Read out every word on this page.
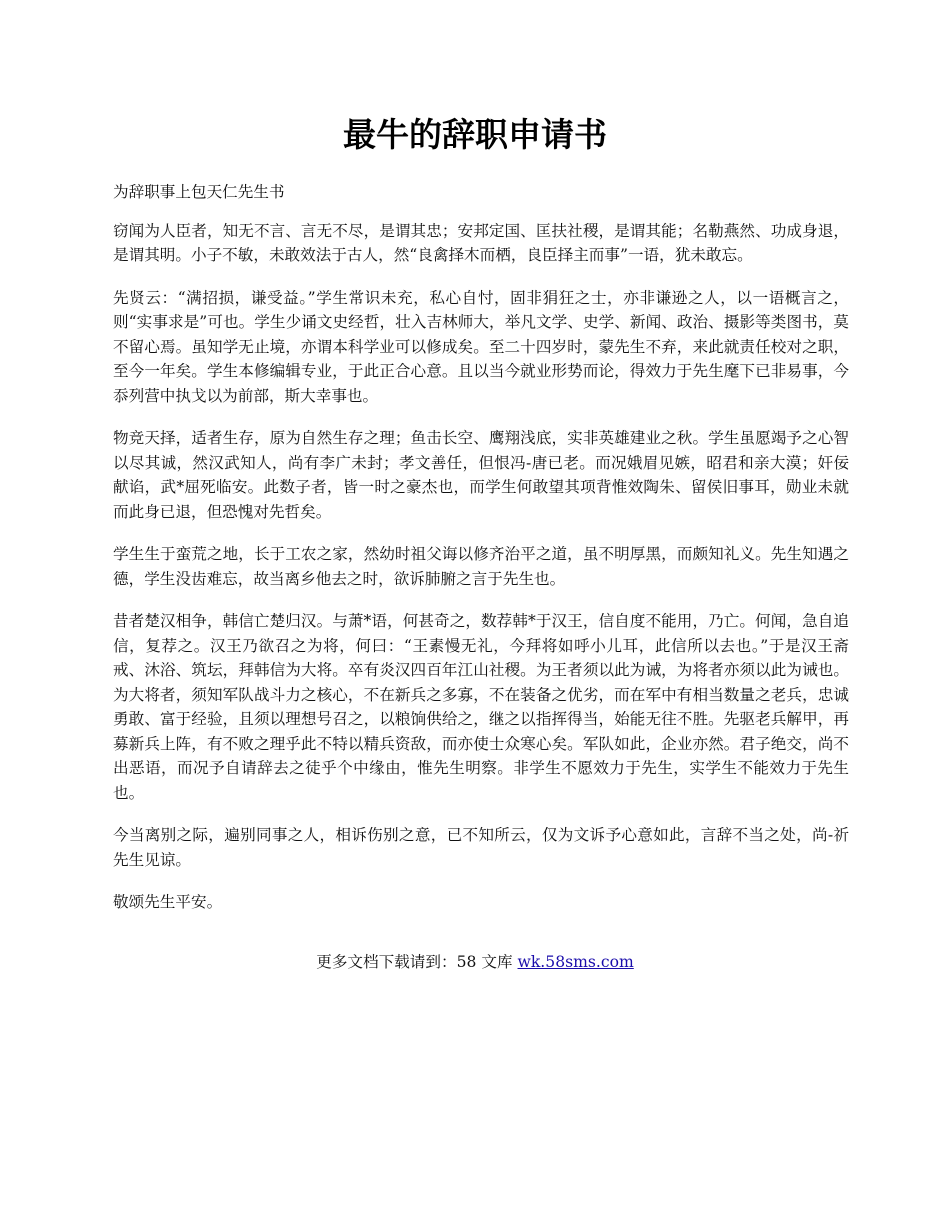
最牛的辞职申请书

为辞职事上包天仁先生书

窃闻为人臣者，知无不言、言无不尽，是谓其忠；安邦定国、匡扶社稷，是谓其能；名勒燕然、功成身退，是谓其明。小子不敏，未敢效法于古人，然“良禽择木而栖，良臣择主而事”一语，犹未敢忘。

先贤云：“满招损，谦受益。”学生常识未充，私心自忖，固非狷狂之士，亦非谦逊之人，以一语概言之，则“实事求是”可也。学生少诵文史经哲，壮入吉林师大，举凡文学、史学、新闻、政治、摄影等类图书，莫不留心焉。虽知学无止境，亦谓本科学业可以修成矣。至二十四岁时，蒙先生不弃，来此就责任校对之职，至今一年矣。学生本修编辑专业，于此正合心意。且以当今就业形势而论，得效力于先生麾下已非易事，今忝列营中执戈以为前部，斯大幸事也。

物竞天择，适者生存，原为自然生存之理；鱼击长空、鹰翔浅底，实非英雄建业之秋。学生虽愿竭予之心智以尽其诚，然汉武知人，尚有李广未封；孝文善任，但恨冯-唐已老。而况娥眉见嫉，昭君和亲大漠；奸佞献谄，武*屈死临安。此数子者，皆一时之豪杰也，而学生何敢望其项背惟效陶朱、留侯旧事耳，勋业未就而此身已退，但恐愧对先哲矣。

学生生于蛮荒之地，长于工农之家，然幼时祖父诲以修齐治平之道，虽不明厚黑，而颇知礼义。先生知遇之德，学生没齿难忘，故当离乡他去之时，欲诉肺腑之言于先生也。

昔者楚汉相争，韩信亡楚归汉。与萧*语，何甚奇之，数荐韩*于汉王，信自度不能用，乃亡。何闻，急自追信，复荐之。汉王乃欲召之为将，何曰：“王素慢无礼，今拜将如呼小儿耳，此信所以去也。”于是汉王斋戒、沐浴、筑坛，拜韩信为大将。卒有炎汉四百年江山社稷。为王者须以此为诫，为将者亦须以此为诫也。为大将者，须知军队战斗力之核心，不在新兵之多寡，不在装备之优劣，而在军中有相当数量之老兵，忠诚勇敢、富于经验，且须以理想号召之，以粮饷供给之，继之以指挥得当，始能无往不胜。先驱老兵解甲，再募新兵上阵，有不败之理乎此不特以精兵资敌，而亦使士众寒心矣。军队如此，企业亦然。君子绝交，尚不出恶语，而况予自请辞去之徒乎个中缘由，惟先生明察。非学生不愿效力于先生，实学生不能效力于先生也。

今当离别之际，遍别同事之人，相诉伤别之意，已不知所云，仅为文诉予心意如此，言辞不当之处，尚-祈先生见谅。

敬颂先生平安。

更多文档下载请到：58 文库 wk.58sms.com
